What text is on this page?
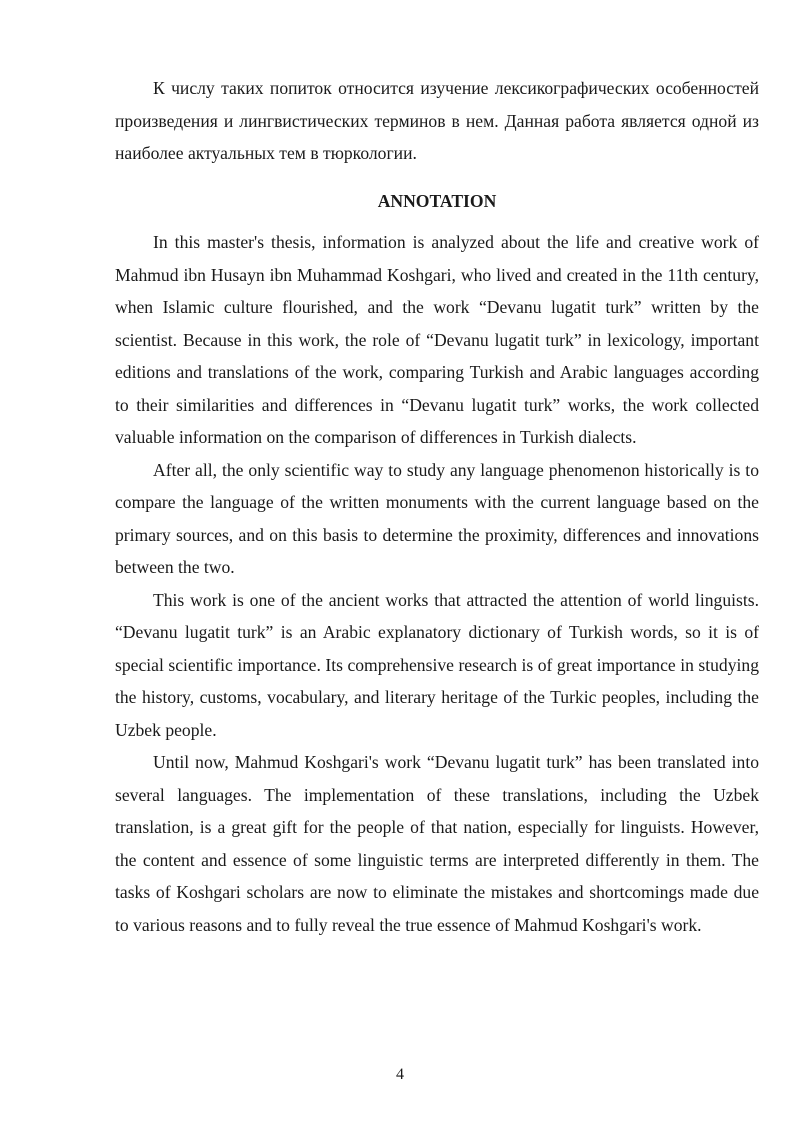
К числу таких попиток относится изучение лексикографических особенностей произведения и лингвистических терминов в нем. Данная работа является одной из наиболее актуальных тем в тюркологии.

ANNOTATION

In this master's thesis, information is analyzed about the life and creative work of Mahmud ibn Husayn ibn Muhammad Koshgari, who lived and created in the 11th century, when Islamic culture flourished, and the work “Devanu lugatit turk” written by the scientist. Because in this work, the role of “Devanu lugatit turk” in lexicology, important editions and translations of the work, comparing Turkish and Arabic languages according to their similarities and differences in “Devanu lugatit turk” works, the work collected valuable information on the comparison of differences in Turkish dialects.

After all, the only scientific way to study any language phenomenon historically is to compare the language of the written monuments with the current language based on the primary sources, and on this basis to determine the proximity, differences and innovations between the two.

This work is one of the ancient works that attracted the attention of world linguists. “Devanu lugatit turk” is an Arabic explanatory dictionary of Turkish words, so it is of special scientific importance. Its comprehensive research is of great importance in studying the history, customs, vocabulary, and literary heritage of the Turkic peoples, including the Uzbek people.

Until now, Mahmud Koshgari's work “Devanu lugatit turk” has been translated into several languages. The implementation of these translations, including the Uzbek translation, is a great gift for the people of that nation, especially for linguists. However, the content and essence of some linguistic terms are interpreted differently in them. The tasks of Koshgari scholars are now to eliminate the mistakes and shortcomings made due to various reasons and to fully reveal the true essence of Mahmud Koshgari's work.

4
